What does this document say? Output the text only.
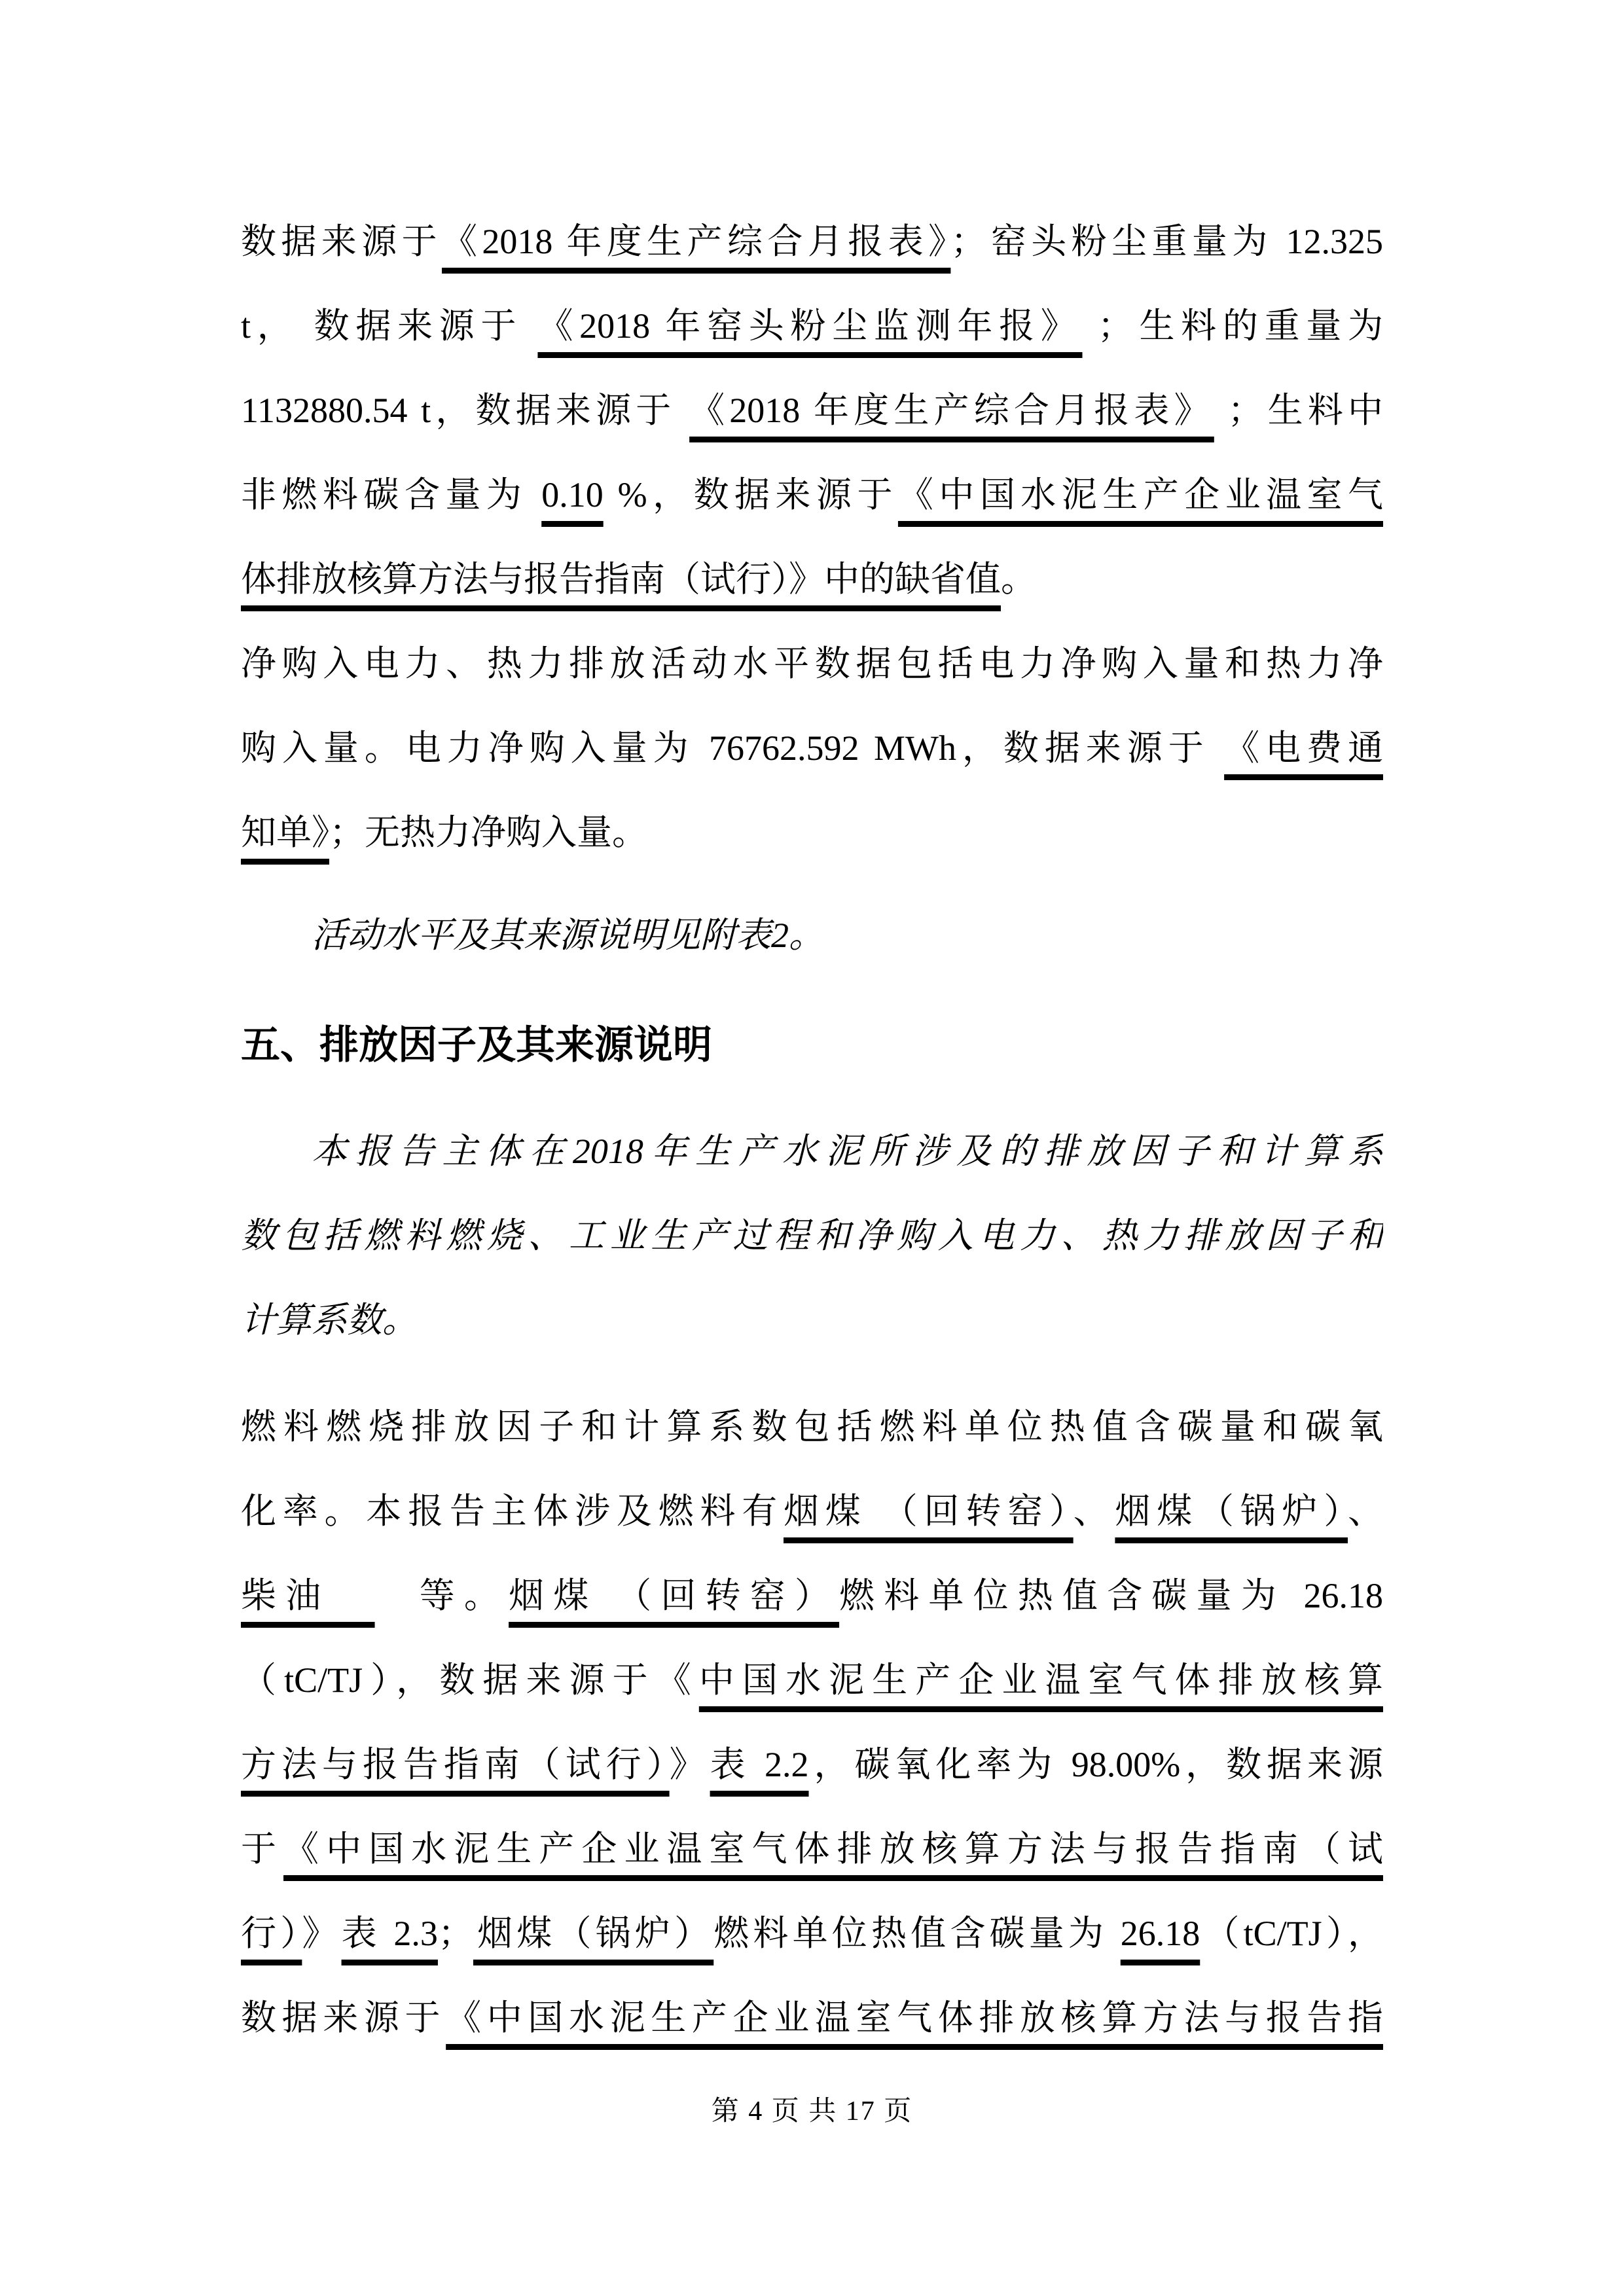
数据来源于《2018 年度生产综合月报表》；窑头粉尘重量为 12.325
t， 数据来源于 《2018 年窑头粉尘监测年报》 ；生料的重量为
1132880.54 t，数据来源于 《2018 年度生产综合月报表》 ；生料中
非燃料碳含量为 0.10 %，数据来源于《中国水泥生产企业温室气
体排放核算方法与报告指南（试行）》中的缺省值。
净购入电力、热力排放活动水平数据包括电力净购入量和热力净
购入量。电力净购入量为 76762.592 MWh，数据来源于 《电费通
知单》；无热力净购入量。
活动水平及其来源说明见附表2。
五、排放因子及其来源说明
本报告主体在2018年生产水泥所涉及的排放因子和计算系
数包括燃料燃烧、工业生产过程和净购入电力、热力排放因子和
计算系数。
燃料燃烧排放因子和计算系数包括燃料单位热值含碳量和碳氧
化率。本报告主体涉及燃料有烟煤 （回转窑）、烟煤（锅炉）、
柴油　　等。烟煤 （回转窑）燃料单位热值含碳量为 26.18
（tC/TJ），数据来源于《中国水泥生产企业温室气体排放核算
方法与报告指南（试行）》表 2.2，碳氧化率为 98.00%，数据来源
于《中国水泥生产企业温室气体排放核算方法与报告指南（试
行）》表 2.3；烟煤（锅炉）燃料单位热值含碳量为 26.18（tC/TJ），
数据来源于《中国水泥生产企业温室气体排放核算方法与报告指
第 4 页 共 17 页
